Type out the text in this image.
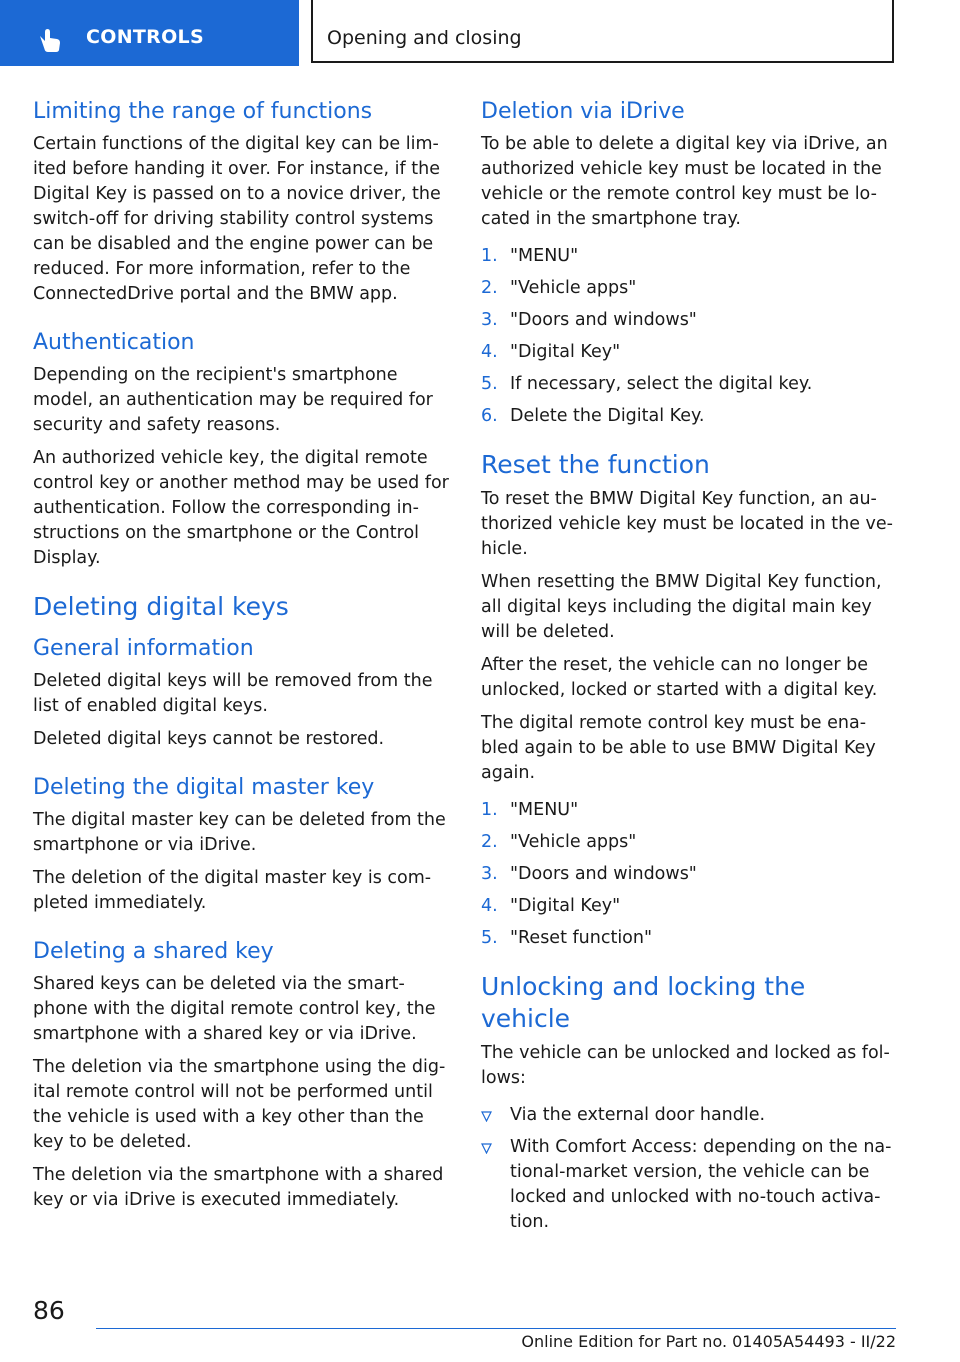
CONTROLS	Opening and closing
Limiting the range of functions

Certain functions of the digital key can be lim-ited before handing it over. For instance, if the Digital Key is passed on to a novice driver, the switch-off for driving stability control systems can be disabled and the engine power can be reduced. For more information, refer to the ConnectedDrive portal and the BMW app.

Authentication

Depending on the recipient's smartphone model, an authentication may be required for security and safety reasons.

An authorized vehicle key, the digital remote control key or another method may be used for authentication. Follow the corresponding in-structions on the smartphone or the Control Display.

Deleting digital keys
General information

Deleted digital keys will be removed from the list of enabled digital keys.

Deleted digital keys cannot be restored.

Deleting the digital master key

The digital master key can be deleted from the smartphone or via iDrive.

The deletion of the digital master key is com-pleted immediately.

Deleting a shared key

Shared keys can be deleted via the smart-phone with the digital remote control key, the smartphone with a shared key or via iDrive.

The deletion via the smartphone using the dig-ital remote control will not be performed until the vehicle is used with a key other than the key to be deleted.

The deletion via the smartphone with a shared key or via iDrive is executed immediately.

Deletion via iDrive

To be able to delete a digital key via iDrive, an authorized vehicle key must be located in the vehicle or the remote control key must be lo-cated in the smartphone tray.

1. "MENU"
2. "Vehicle apps"
3. "Doors and windows"
4. "Digital Key"
5. If necessary, select the digital key.
6. Delete the Digital Key.
Reset the function

To reset the BMW Digital Key function, an au-thorized vehicle key must be located in the ve-hicle.

When resetting the BMW Digital Key function, all digital keys including the digital main key will be deleted.

After the reset, the vehicle can no longer be unlocked, locked or started with a digital key.

The digital remote control key must be ena-bled again to be able to use BMW Digital Key again.

1. "MENU"
2. "Vehicle apps"
3. "Doors and windows"
4. "Digital Key"
5. "Reset function"
Unlocking and locking the vehicle

The vehicle can be unlocked and locked as fol-lows:

Via the external door handle.
With Comfort Access: depending on the na-tional-market version, the vehicle can be locked and unlocked with no-touch activa-tion.
86
Online Edition for Part no. 01405A54493 - II/22
